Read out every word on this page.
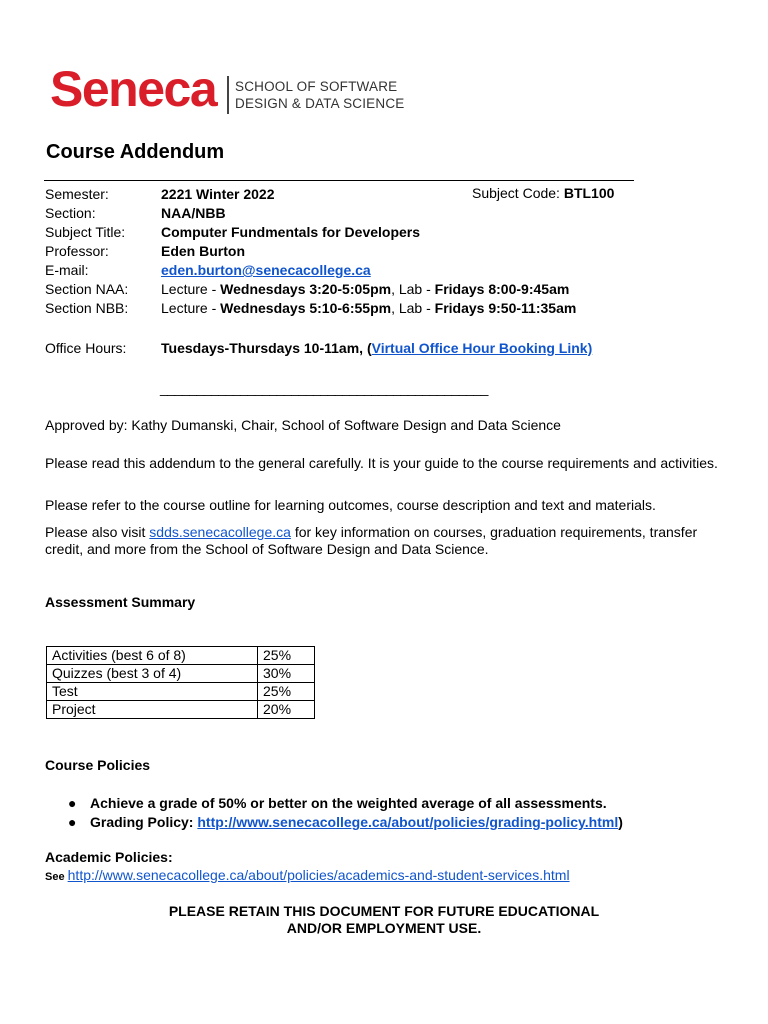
Seneca SCHOOL OF SOFTWARE
DESIGN & DATA SCIENCE
Course Addendum
Semester:	2221 Winter 2022	Subject Code: BTL100
Section:	NAA/NBB
Subject Title:	Computer Fundmentals for Developers
Professor:	Eden Burton
E-mail:	eden.burton@senecacollege.ca
Section NAA: Lecture - Wednesdays 3:20-5:05pm, Lab - Fridays 8:00-9:45am
Section NBB: Lecture - Wednesdays 5:10-6:55pm, Lab - Fridays 9:50-11:35am
Office Hours: Tuesdays-Thursdays 10-11am, (Virtual Office Hour Booking Link)
_____________________________________________
Approved by: Kathy Dumanski, Chair, School of Software Design and Data Science
Please read this addendum to the general carefully. It is your guide to the course requirements and activities.
Please refer to the course outline for learning outcomes, course description and text and materials.
Please also visit sdds.senecacollege.ca for key information on courses, graduation requirements, transfer credit, and more from the School of Software Design and Data Science.
Assessment Summary
Activities (best 6 of 8)	25%
Quizzes (best 3 of 4)	30%
Test	25%
Project	20%
Course Policies
● Achieve a grade of 50% or better on the weighted average of all assessments.
● Grading Policy: http://www.senecacollege.ca/about/policies/grading-policy.html)
Academic Policies:
See http://www.senecacollege.ca/about/policies/academics-and-student-services.html
PLEASE RETAIN THIS DOCUMENT FOR FUTURE EDUCATIONAL
AND/OR EMPLOYMENT USE.
